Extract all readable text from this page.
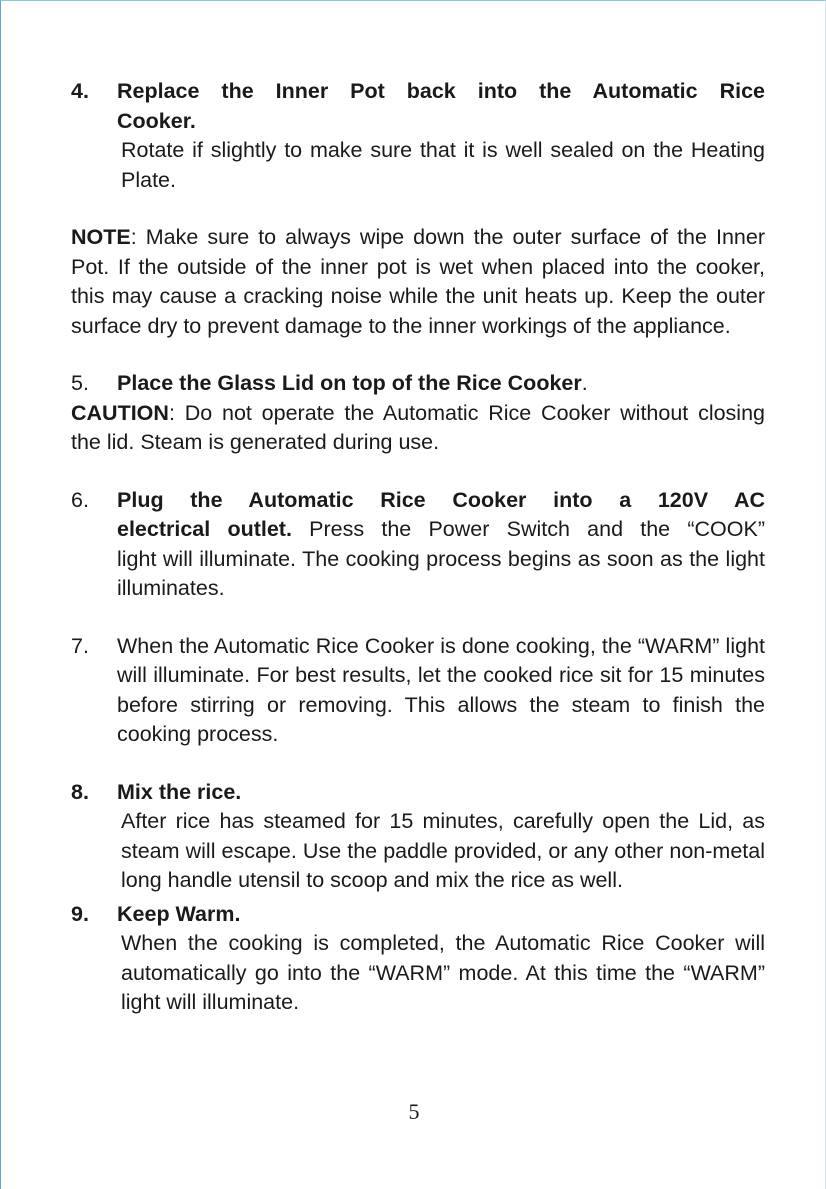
4.	Replace the Inner Pot back into the Automatic Rice
Cooker.
Rotate if slightly to make sure that it is well sealed on the Heating Plate.
NOTE: Make sure to always wipe down the outer surface of the Inner Pot. If the outside of the inner pot is wet when placed into the cooker, this may cause a cracking noise while the unit heats up. Keep the outer surface dry to prevent damage to the inner workings of the appliance.
5.	Place the Glass Lid on top of the Rice Cooker.
CAUTION: Do not operate the Automatic Rice Cooker without closing the lid. Steam is generated during use.
6.	Plug the Automatic Rice Cooker into a 120V AC
electrical outlet. Press the Power Switch and the “COOK”
light will illuminate. The cooking process begins as soon as the light illuminates.
7.	When the Automatic Rice Cooker is done cooking, the “WARM” light will illuminate. For best results, let the cooked rice sit for 15 minutes before stirring or removing. This allows the steam to finish the cooking process.
8.	Mix the rice.
After rice has steamed for 15 minutes, carefully open the Lid, as steam will escape. Use the paddle provided, or any other non-metal long handle utensil to scoop and mix the rice as well.
9.	Keep Warm.
When the cooking is completed, the Automatic Rice Cooker will automatically go into the “WARM” mode. At this time the “WARM” light will illuminate.
5
